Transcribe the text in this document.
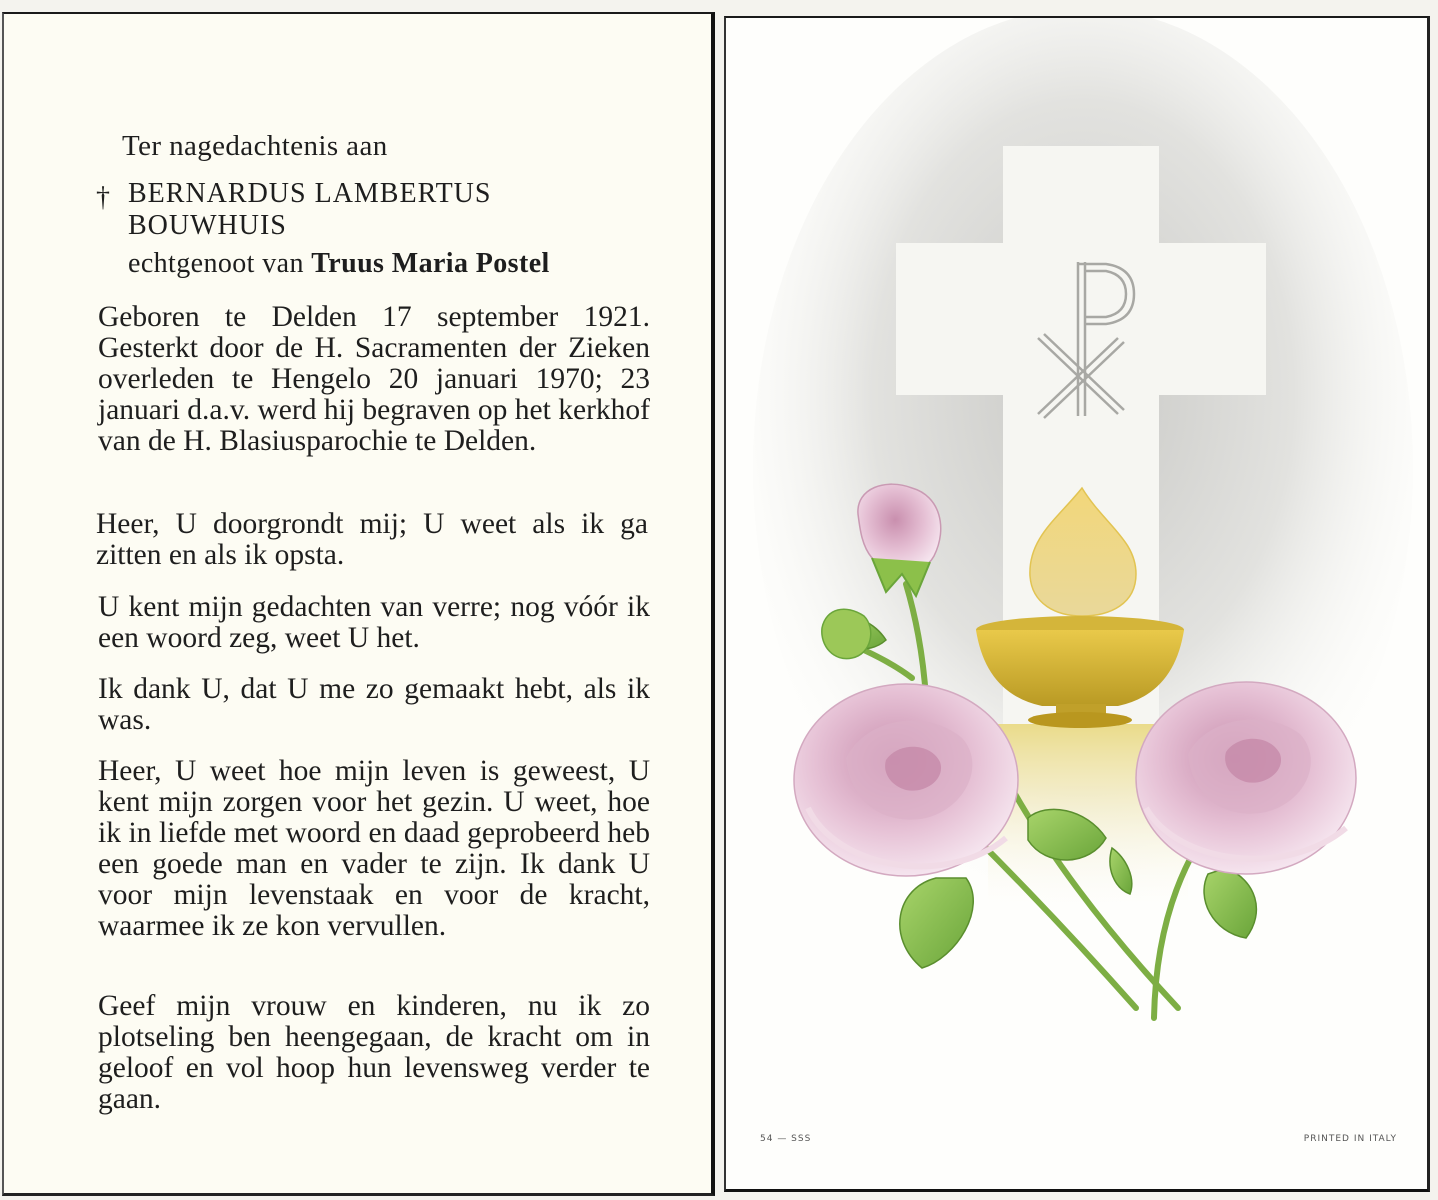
Ter nagedachtenis aan
† BERNARDUS LAMBERTUS
BOUWHUIS
echtgenoot van Truus Maria Postel
Geboren te Delden 17 september 1921. Gesterkt door de H. Sacramenten der Zieken overleden te Hengelo 20 januari 1970; 23 januari d.a.v. werd hij begraven op het kerkhof van de H. Blasiusparochie te Delden.
Heer, U doorgrondt mij; U weet als ik ga zitten en als ik opsta.
U kent mijn gedachten van verre; nog vóór ik een woord zeg, weet U het.
Ik dank U, dat U me zo gemaakt hebt, als ik was.
Heer, U weet hoe mijn leven is geweest, U kent mijn zorgen voor het gezin. U weet, hoe ik in liefde met woord en daad geprobeerd heb een goede man en vader te zijn. Ik dank U voor mijn levenstaak en voor de kracht, waarmee ik ze kon vervullen.
Geef mijn vrouw en kinderen, nu ik zo plotseling ben heengegaan, de kracht om in geloof en vol hoop hun levensweg verder te gaan.
54 — SSS	PRINTED IN ITALY
